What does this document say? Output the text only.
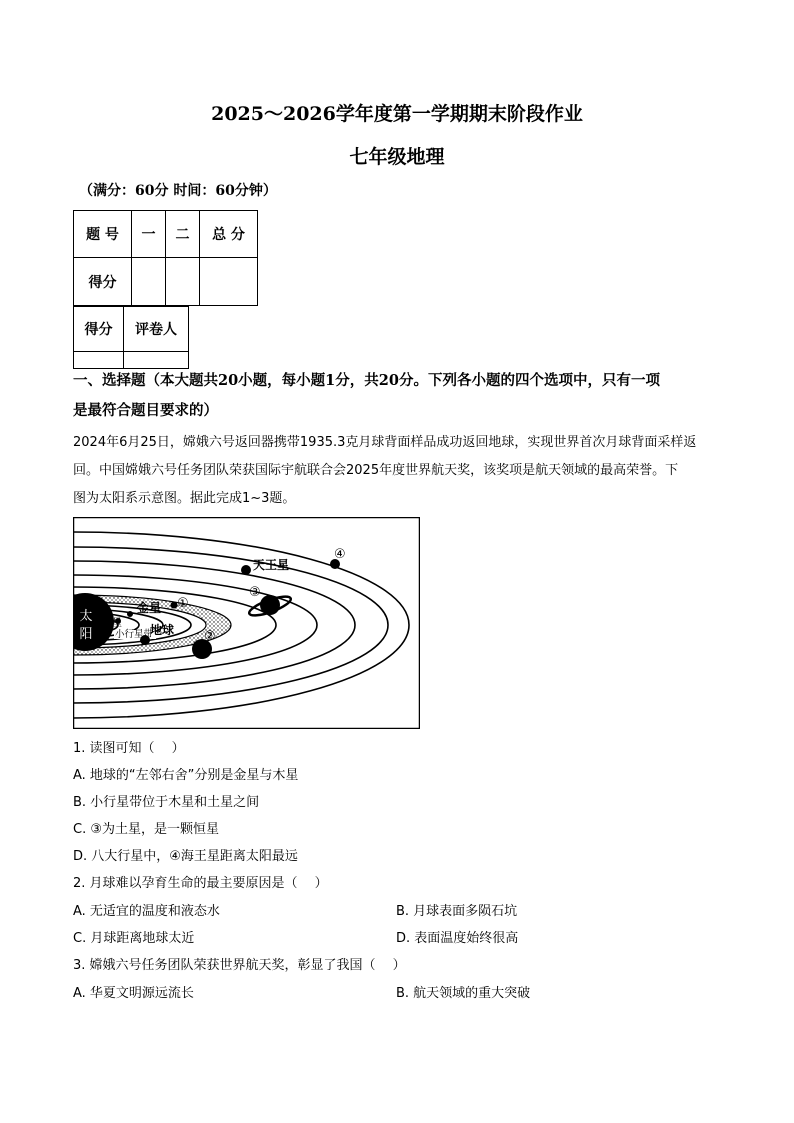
2025～2026学年度第一学期期末阶段作业
七年级地理
（满分：60分 时间：60分钟）
题 号	一	二	总 分
得分			
得分	评卷人

一、选择题（本大题共20小题，每小题1分，共20分。下列各小题的四个选项中，只有一项
是最符合题目要求的）
2024年6月25日，嫦娥六号返回器携带1935.3克月球背面样品成功返回地球，实现世界首次月球背面采样返
回。中国嫦娥六号任务团队荣获国际宇航联合会2025年度世界航天奖，该奖项是航天领域的最高荣誉。下
图为太阳系示意图。据此完成1~3题。
太
阳
水星
金星
地球
①
小行星带	②
③
天王星
④
1. 读图可知（　 ）
A. 地球的“左邻右舍”分别是金星与木星
B. 小行星带位于木星和土星之间
C. ③为土星，是一颗恒星
D. 八大行星中，④海王星距离太阳最远
2. 月球难以孕育生命的最主要原因是（　 ）
A. 无适宜的温度和液态水	B. 月球表面多陨石坑
C. 月球距离地球太近	D. 表面温度始终很高
3. 嫦娥六号任务团队荣获世界航天奖，彰显了我国（　 ）
A. 华夏文明源远流长	B. 航天领域的重大突破
